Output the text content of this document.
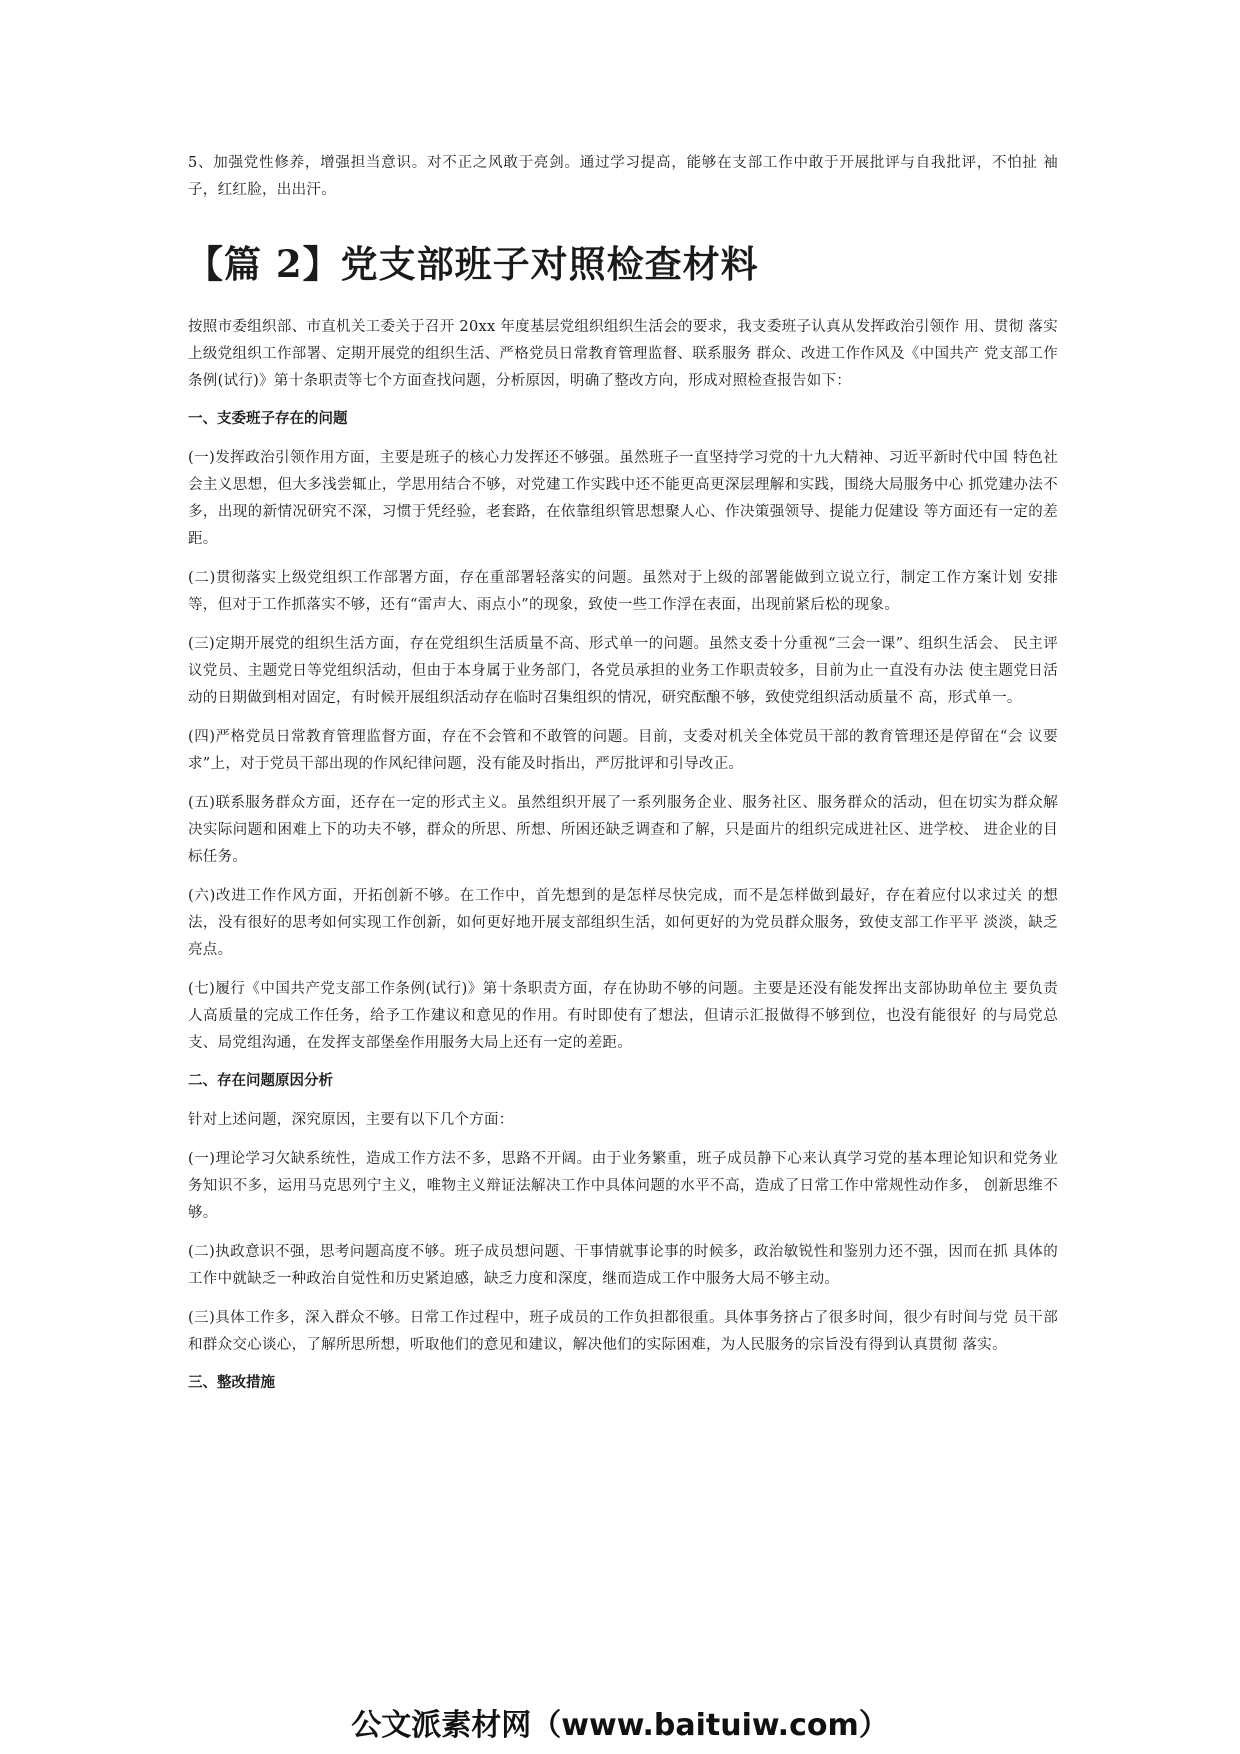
5、加强党性修养，增强担当意识。对不正之风敢于亮剑。通过学习提高，能够在支部工作中敢于开展批评与自我批评，不怕扯 袖子，红红脸，出出汗。

【篇 2】党支部班子对照检查材料

按照市委组织部、市直机关工委关于召开 20xx 年度基层党组织组织生活会的要求，我支委班子认真从发挥政治引领作 用、贯彻 落实上级党组织工作部署、定期开展党的组织生活、严格党员日常教育管理监督、联系服务 群众、改进工作作风及《中国共产 党支部工作条例(试行)》第十条职责等七个方面查找问题，分析原因，明确了整改方向，形成对照检查报告如下：

一、支委班子存在的问题

(一)发挥政治引领作用方面，主要是班子的核心力发挥还不够强。虽然班子一直坚持学习党的十九大精神、习近平新时代中国 特色社会主义思想，但大多浅尝辄止，学思用结合不够，对党建工作实践中还不能更高更深层理解和实践，围绕大局服务中心 抓党建办法不多，出现的新情况研究不深，习惯于凭经验，老套路，在依靠组织管思想聚人心、作决策强领导、提能力促建设 等方面还有一定的差距。

(二)贯彻落实上级党组织工作部署方面，存在重部署轻落实的问题。虽然对于上级的部署能做到立说立行，制定工作方案计划 安排等，但对于工作抓落实不够，还有“雷声大、雨点小”的现象，致使一些工作浮在表面，出现前紧后松的现象。

(三)定期开展党的组织生活方面，存在党组织生活质量不高、形式单一的问题。虽然支委十分重视“三会一课”、组织生活会、 民主评议党员、主题党日等党组织活动，但由于本身属于业务部门，各党员承担的业务工作职责较多，目前为止一直没有办法 使主题党日活动的日期做到相对固定，有时候开展组织活动存在临时召集组织的情况，研究酝酿不够，致使党组织活动质量不 高，形式单一。

(四)严格党员日常教育管理监督方面，存在不会管和不敢管的问题。目前，支委对机关全体党员干部的教育管理还是停留在“会 议要求”上，对于党员干部出现的作风纪律问题，没有能及时指出，严厉批评和引导改正。

(五)联系服务群众方面，还存在一定的形式主义。虽然组织开展了一系列服务企业、服务社区、服务群众的活动，但在切实为群众解决实际问题和困难上下的功夫不够，群众的所思、所想、所困还缺乏调查和了解，只是面片的组织完成进社区、进学校、 进企业的目标任务。

(六)改进工作作风方面，开拓创新不够。在工作中，首先想到的是怎样尽快完成，而不是怎样做到最好，存在着应付以求过关 的想法，没有很好的思考如何实现工作创新，如何更好地开展支部组织生活，如何更好的为党员群众服务，致使支部工作平平 淡淡，缺乏亮点。

(七)履行《中国共产党支部工作条例(试行)》第十条职责方面，存在协助不够的问题。主要是还没有能发挥出支部协助单位主 要负责人高质量的完成工作任务，给予工作建议和意见的作用。有时即使有了想法，但请示汇报做得不够到位，也没有能很好 的与局党总支、局党组沟通，在发挥支部堡垒作用服务大局上还有一定的差距。

二、存在问题原因分析

针对上述问题，深究原因，主要有以下几个方面：

(一)理论学习欠缺系统性，造成工作方法不多，思路不开阔。由于业务繁重，班子成员静下心来认真学习党的基本理论知识和党务业务知识不多，运用马克思列宁主义，唯物主义辩证法解决工作中具体问题的水平不高，造成了日常工作中常规性动作多， 创新思维不够。

(二)执政意识不强，思考问题高度不够。班子成员想问题、干事情就事论事的时候多，政治敏锐性和鉴别力还不强，因而在抓 具体的工作中就缺乏一种政治自觉性和历史紧迫感，缺乏力度和深度，继而造成工作中服务大局不够主动。

(三)具体工作多，深入群众不够。日常工作过程中，班子成员的工作负担都很重。具体事务挤占了很多时间，很少有时间与党 员干部和群众交心谈心，了解所思所想，听取他们的意见和建议，解决他们的实际困难，为人民服务的宗旨没有得到认真贯彻 落实。

三、整改措施
公文派素材网（www.baituiw.com）
